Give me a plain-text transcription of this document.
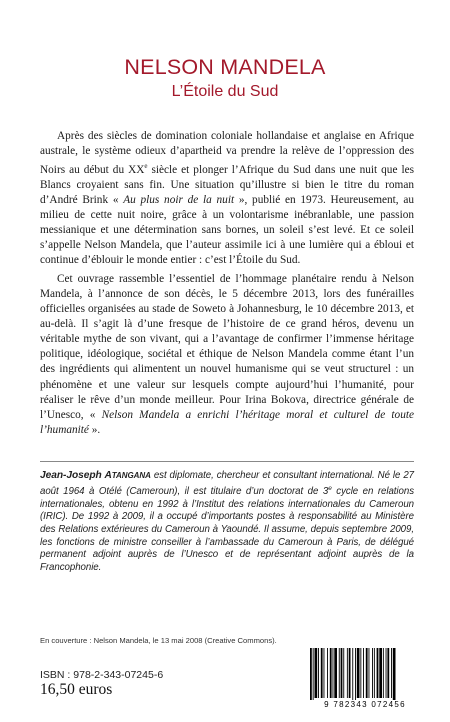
NELSON MANDELA
L’Étoile du Sud

Après des siècles de domination coloniale hollandaise et anglaise en Afrique australe, le système odieux d’apartheid va prendre la relève de l’oppression des Noirs au début du XXe siècle et plonger l’Afrique du Sud dans une nuit que les Blancs croyaient sans fin. Une situation qu’illustre si bien le titre du roman d’André Brink « Au plus noir de la nuit », publié en 1973. Heureusement, au milieu de cette nuit noire, grâce à un volontarisme inébranlable, une passion messianique et une détermination sans bornes, un soleil s’est levé. Et ce soleil s’appelle Nelson Mandela, que l’auteur assimile ici à une lumière qui a ébloui et continue d’éblouir le monde entier : c’est l’Étoile du Sud.

Cet ouvrage rassemble l’essentiel de l’hommage planétaire rendu à Nelson Mandela, à l’annonce de son décès, le 5 décembre 2013, lors des funérailles officielles organisées au stade de Soweto à Johannesburg, le 10 décembre 2013, et au-delà. Il s’agit là d’une fresque de l’histoire de ce grand héros, devenu un véritable mythe de son vivant, qui a l’avantage de confirmer l’immense héritage politique, idéologique, sociétal et éthique de Nelson Mandela comme étant l’un des ingrédients qui alimentent un nouvel humanisme qui se veut structurel : un phénomène et une valeur sur lesquels compte aujourd’hui l’humanité, pour réaliser le rêve d’un monde meilleur. Pour Irina Bokova, directrice générale de l’Unesco, « Nelson Mandela a enrichi l’héritage moral et culturel de toute l’humanité ».

Jean-Joseph ATANGANA est diplomate, chercheur et consultant international. Né le 27 août 1964 à Otélé (Cameroun), il est titulaire d’un doctorat de 3e cycle en relations internationales, obtenu en 1992 à l’Institut des relations internationales du Cameroun (IRIC). De 1992 à 2009, il a occupé d’importants postes à responsabilité au Ministère des Relations extérieures du Cameroun à Yaoundé. Il assume, depuis septembre 2009, les fonctions de ministre conseiller à l’ambassade du Cameroun à Paris, de délégué permanent adjoint auprès de l’Unesco et de représentant adjoint auprès de la Francophonie.
En couverture : Nelson Mandela, le 13 mai 2008 (Creative Commons).
ISBN : 978-2-343-07245-6
16,50 euros
9 782343 072456
